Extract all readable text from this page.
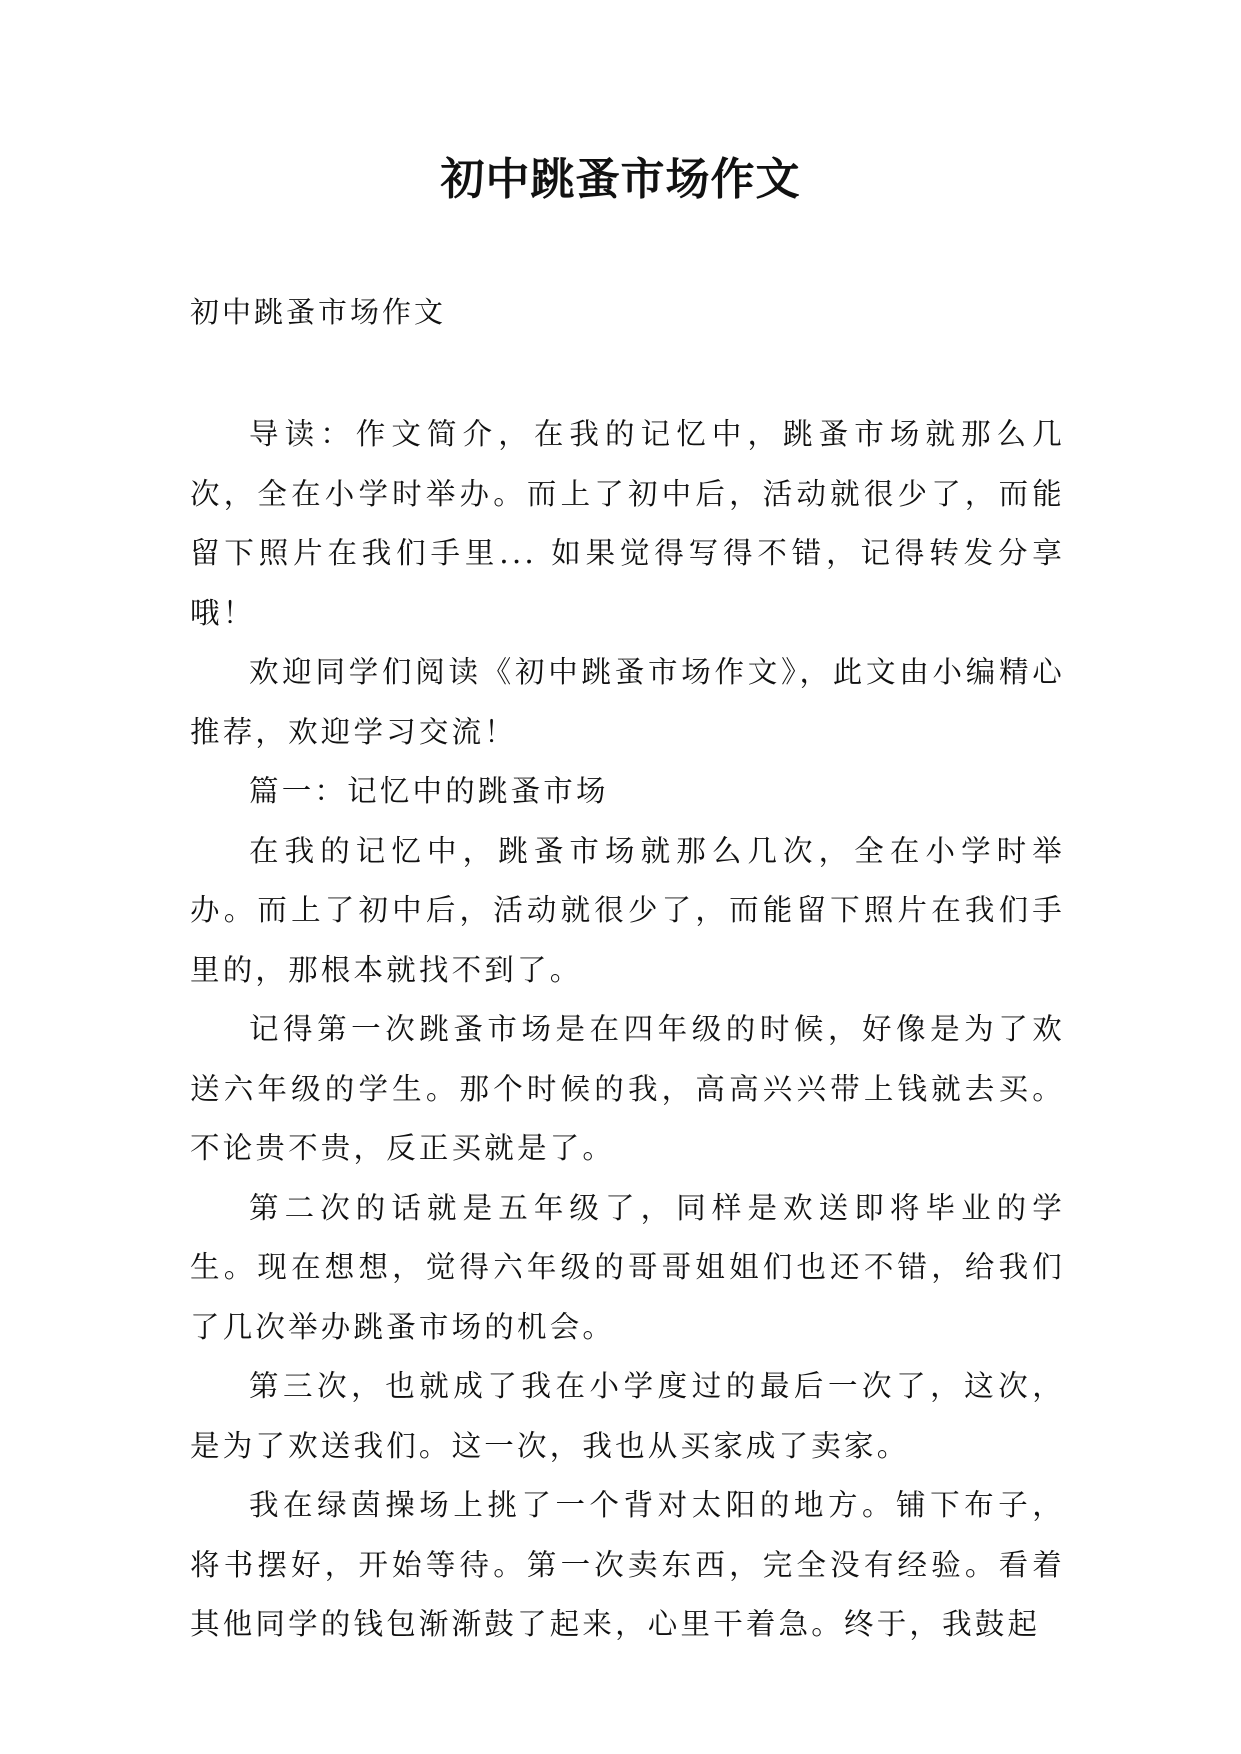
初中跳蚤市场作文
初中跳蚤市场作文

导读：作文简介，在我的记忆中，跳蚤市场就那么几次，全在小学时举办。而上了初中后，活动就很少了，而能留下照片在我们手里... 如果觉得写得不错，记得转发分享哦！

欢迎同学们阅读《初中跳蚤市场作文》，此文由小编精心推荐，欢迎学习交流！

篇一：记忆中的跳蚤市场

在我的记忆中，跳蚤市场就那么几次，全在小学时举办。而上了初中后，活动就很少了，而能留下照片在我们手里的，那根本就找不到了。

记得第一次跳蚤市场是在四年级的时候，好像是为了欢送六年级的学生。那个时候的我，高高兴兴带上钱就去买。不论贵不贵，反正买就是了。

第二次的话就是五年级了，同样是欢送即将毕业的学生。现在想想，觉得六年级的哥哥姐姐们也还不错，给我们了几次举办跳蚤市场的机会。

第三次，也就成了我在小学度过的最后一次了，这次，是为了欢送我们。这一次，我也从买家成了卖家。

我在绿茵操场上挑了一个背对太阳的地方。铺下布子，将书摆好，开始等待。第一次卖东西，完全没有经验。看着其他同学的钱包渐渐鼓了起来，心里干着急。终于，我鼓起
